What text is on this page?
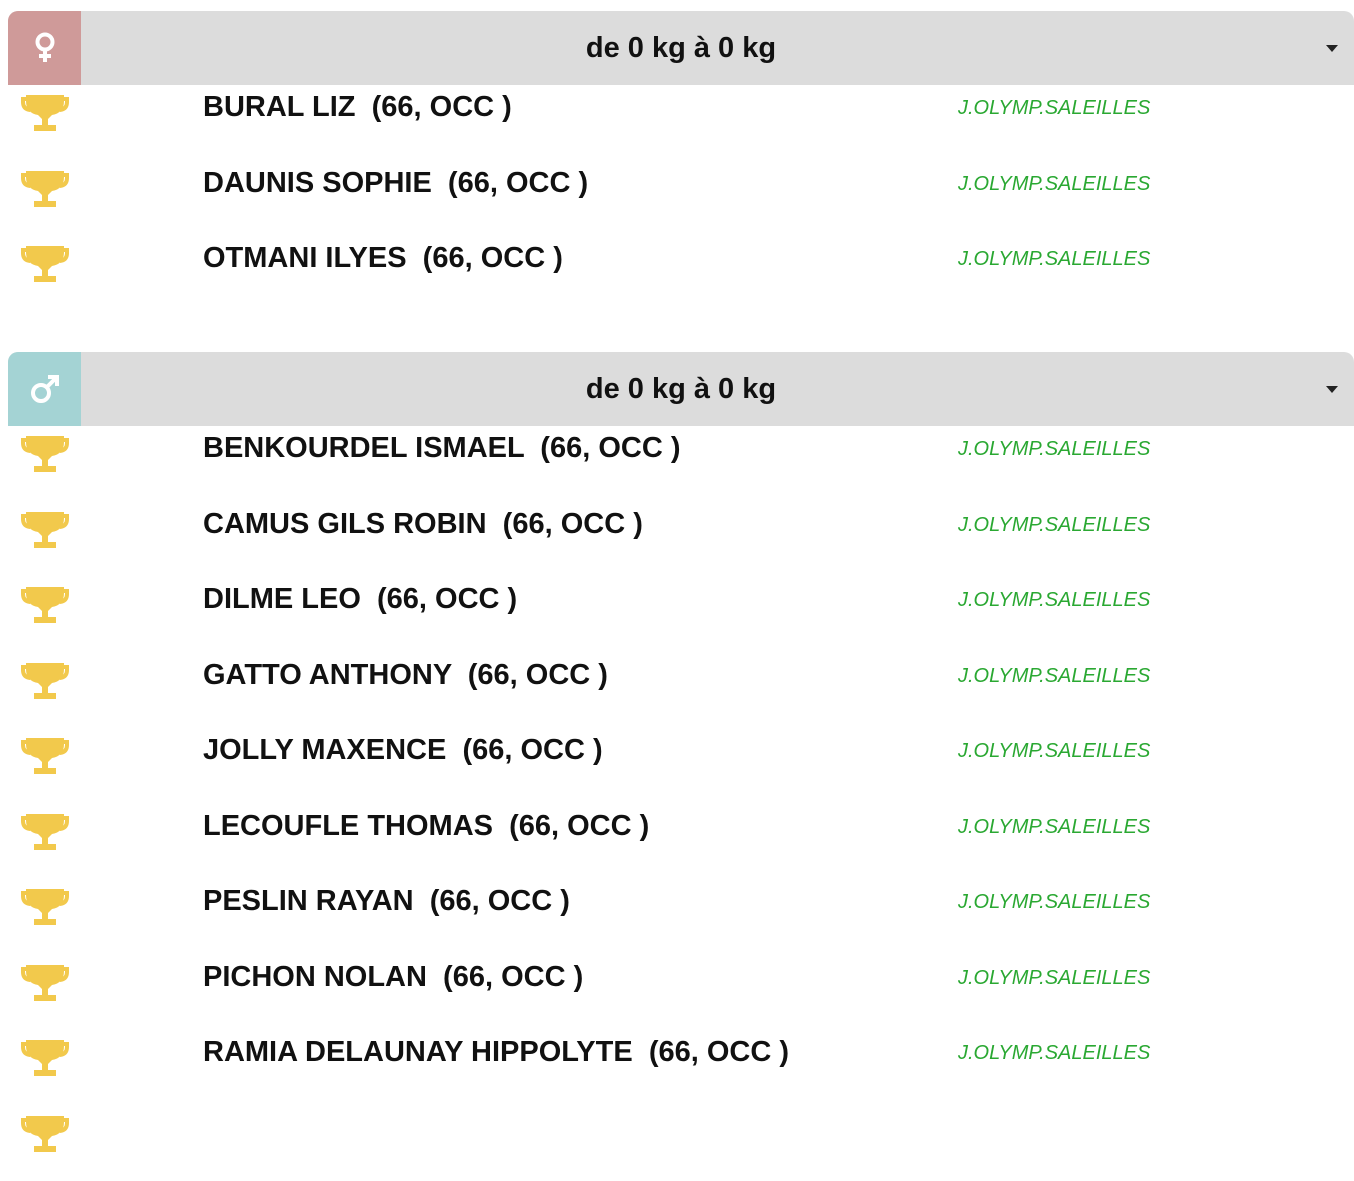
de 0 kg à 0 kg
BURAL LIZ  (66, OCC )	J.OLYMP.SALEILLES
DAUNIS SOPHIE  (66, OCC )	J.OLYMP.SALEILLES
OTMANI ILYES  (66, OCC )	J.OLYMP.SALEILLES
de 0 kg à 0 kg
BENKOURDEL ISMAEL  (66, OCC )	J.OLYMP.SALEILLES
CAMUS GILS ROBIN  (66, OCC )	J.OLYMP.SALEILLES
DILME LEO  (66, OCC )	J.OLYMP.SALEILLES
GATTO ANTHONY  (66, OCC )	J.OLYMP.SALEILLES
JOLLY MAXENCE  (66, OCC )	J.OLYMP.SALEILLES
LECOUFLE THOMAS  (66, OCC )	J.OLYMP.SALEILLES
PESLIN RAYAN  (66, OCC )	J.OLYMP.SALEILLES
PICHON NOLAN  (66, OCC )	J.OLYMP.SALEILLES
RAMIA DELAUNAY HIPPOLYTE  (66, OCC )	J.OLYMP.SALEILLES
